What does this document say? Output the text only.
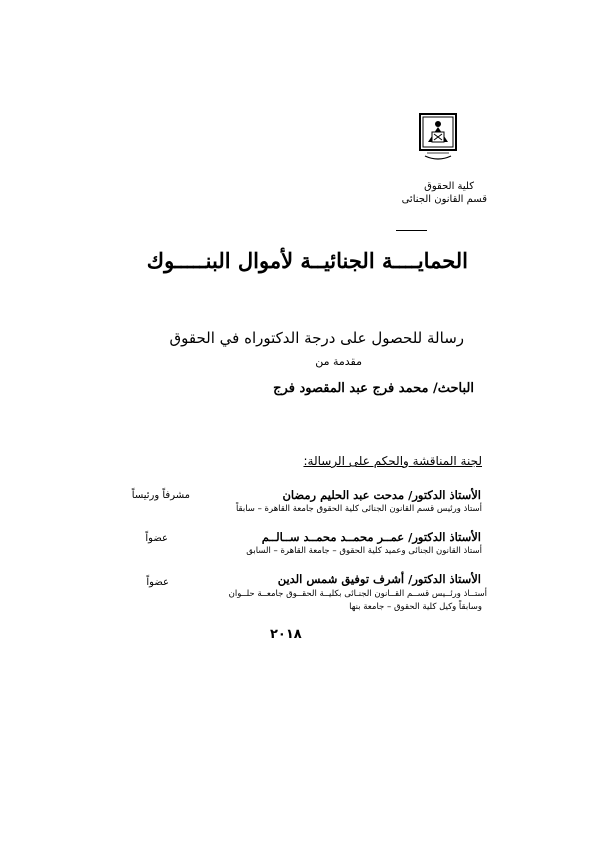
كلية الحقوق
قسم القانون الجنائى
الحمايــــة الجنائيــة لأموال البنـــــوك
رسالة للحصول على درجة الدكتوراه في الحقوق
مقدمة من
الباحث/ محمد فرج عبد المقصود فرج
لجنة المناقشة والحكم على الرسالة:
الأستاذ الدكتور/ مدحت عبد الحليم رمضان
أستاذ ورئيس قسم القانون الجنائى كلية الحقوق جامعة القاهرة – سابقاً
مشرفاً ورئيساً
الأستاذ الدكتور/ عمــر محمــد محمــد ســالــم
أستاذ القانون الجنائى وعميد كلية الحقوق – جامعة القاهرة – السابق
عضواً
الأستاذ الدكتور/ أشرف توفيق شمس الدين
أستــاذ ورئــيس قســم القــانون الجنـائى بكليــة الحقــوق جامعــة حلــوان
وسابقاً وكيل كلية الحقوق – جامعة بنها
عضواً
٢٠١٨
